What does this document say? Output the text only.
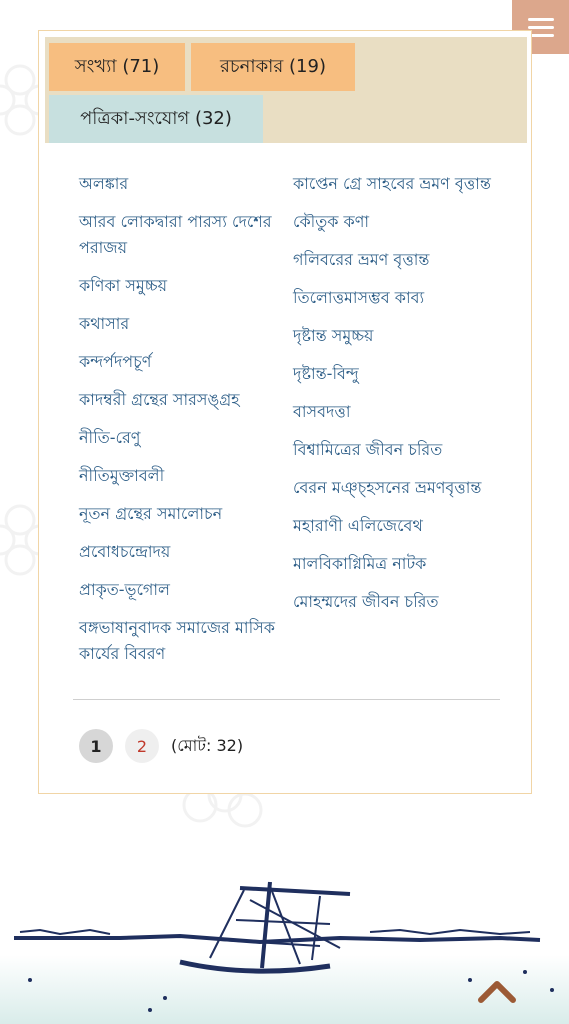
সংখ্যা (71)	রচনাকার (19)
পত্রিকা-সংযোগ (32)
অলঙ্কার
আরব লোকদ্বারা পারস্য দেশের পরাজয়
কণিকা সমুচ্চয়
কথাসার
কন্দর্পদপচূর্ণ
কাদম্বরী গ্রন্থের সারসঙ্গ্রহ
নীতি-রেণু
নীতিমুক্তাবলী
নূতন গ্রন্থের সমালোচন
প্রবোধচন্দ্রোদয়
প্রাকৃত-ভূগোল
বঙ্গভাষানুবাদক সমাজের মাসিক কার্যের বিবরণ
কাপ্তেন গ্রে সাহবের ভ্রমণ বৃত্তান্ত
কৌতুক কণা
গলিবরের ভ্রমণ বৃত্তান্ত
তিলোত্তমাসম্ভব কাব্য
দৃষ্টান্ত সমুচ্চয়
দৃষ্টান্ত-বিন্দু
বাসবদত্তা
বিশ্বামিত্রের জীবন চরিত
বেরন মঞ্চ্হসনের ভ্রমণবৃত্তান্ত
মহারাণী এলিজেবেথ
মালবিকাগ্নিমিত্র নাটক
মোহম্মদের জীবন চরিত
1	2	(মোট: 32)
